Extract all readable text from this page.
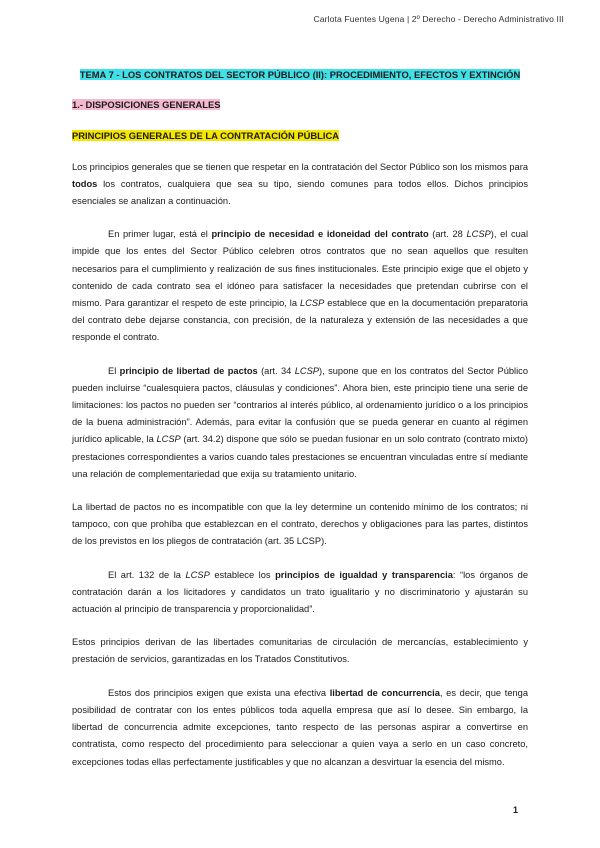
Carlota Fuentes Ugena | 2º Derecho - Derecho Administrativo III
TEMA 7 - LOS CONTRATOS DEL SECTOR PÚBLICO (II): PROCEDIMIENTO, EFECTOS Y EXTINCIÓN
1.- DISPOSICIONES GENERALES
PRINCIPIOS GENERALES DE LA CONTRATACIÓN PÚBLICA

Los principios generales que se tienen que respetar en la contratación del Sector Público son los mismos para todos los contratos, cualquiera que sea su tipo, siendo comunes para todos ellos. Dichos principios esenciales se analizan a continuación.

En primer lugar, está el principio de necesidad e idoneidad del contrato (art. 28 LCSP), el cual impide que los entes del Sector Público celebren otros contratos que no sean aquellos que resulten necesarios para el cumplimiento y realización de sus fines institucionales. Este principio exige que el objeto y contenido de cada contrato sea el idóneo para satisfacer la necesidades que pretendan cubrirse con el mismo. Para garantizar el respeto de este principio, la LCSP establece que en la documentación preparatoria del contrato debe dejarse constancia, con precisión, de la naturaleza y extensión de las necesidades a que responde el contrato.

El principio de libertad de pactos (art. 34 LCSP), supone que en los contratos del Sector Público pueden incluirse “cualesquiera pactos, cláusulas y condiciones”. Ahora bien, este principio tiene una serie de limitaciones: los pactos no pueden ser “contrarios al interés público, al ordenamiento jurídico o a los principios de la buena administración”. Además, para evitar la confusión que se pueda generar en cuanto al régimen jurídico aplicable, la LCSP (art. 34.2) dispone que sólo se puedan fusionar en un solo contrato (contrato mixto) prestaciones correspondientes a varios cuando tales prestaciones se encuentran vinculadas entre sí mediante una relación de complementariedad que exija su tratamiento unitario.

La libertad de pactos no es incompatible con que la ley determine un contenido mínimo de los contratos; ni tampoco, con que prohíba que establezcan en el contrato, derechos y obligaciones para las partes, distintos de los previstos en los pliegos de contratación (art. 35 LCSP).

El art. 132 de la LCSP establece los principios de igualdad y transparencia: “los órganos de contratación darán a los licitadores y candidatos un trato igualitario y no discriminatorio y ajustarán su actuación al principio de transparencia y proporcionalidad”.

Estos principios derivan de las libertades comunitarias de circulación de mercancías, establecimiento y prestación de servicios, garantizadas en los Tratados Constitutivos.

Estos dos principios exigen que exista una efectiva libertad de concurrencia, es decir, que tenga posibilidad de contratar con los entes públicos toda aquella empresa que así lo desee. Sin embargo, la libertad de concurrencia admite excepciones, tanto respecto de las personas aspirar a convertirse en contratista, como respecto del procedimiento para seleccionar a quien vaya a serlo en un caso concreto, excepciones todas ellas perfectamente justificables y que no alcanzan a desvirtuar la esencia del mismo.

1
